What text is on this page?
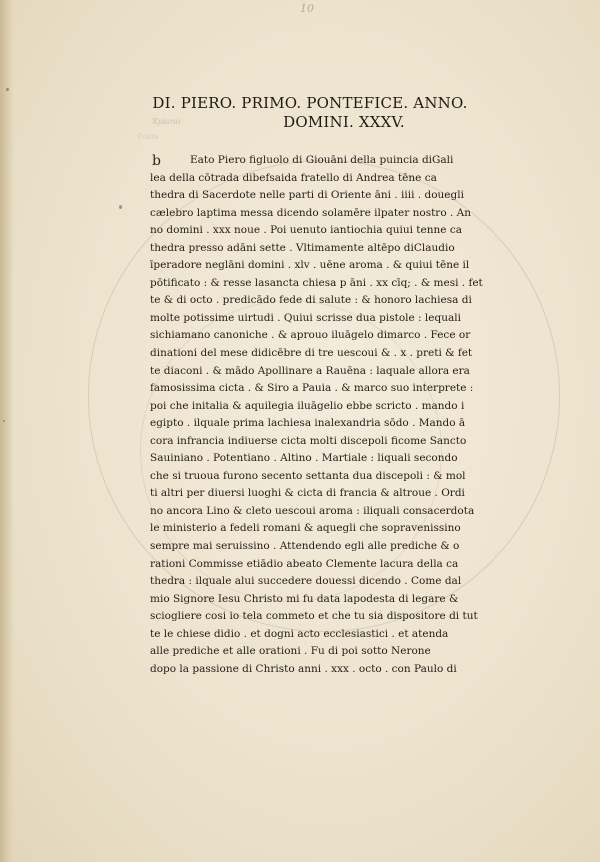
10
DI. PIERO. PRIMO. PONTEFICE. ANNO.
DOMINI. XXXV.
Xpiano
Trilite
b	Eato Piero figluolo di Giouāni della puincia diGali
lea della cōtrada dibefsaida fratello di Andrea tēne ca
thedra di Sacerdote nelle parti di Oriente āni . iiii . douegli
cælebro laptima messa dicendo solamēre ilpater nostro . An
no domini . xxx noue . Poi uenuto iantiochia quiui tenne ca
thedra presso adāni sette . Vltimamente altēpo diClaudio
īperadore neglāni domini . xlv . uēne aroma . & quiui tēne il
pōtificato : & resse lasancta chiesa p āni . xx cīq; . & mesi . fet
te & di octo . predicādo fede di salute : & honoro lachiesa di
molte potissime uirtudi . Quiui scrisse dua pistole : lequali
sichiamano canoniche . & aprouo iluāgelo dimarco . Fece or
dinationi del mese didicēbre di tre uescoui & . x . preti & fet
te diaconi . & mādo Apollinare a Rauēna : laquale allora era
famosissima cicta . & Siro a Pauia . & marco suo interprete :
poi che initalia & aquilegia iluāgelio ebbe scricto . mando i
egipto . ilquale prima lachiesa inalexandria sōdo . Mando ā
cora infrancia indiuerse cicta molti discepoli ficome Sancto
Sauiniano . Potentiano . Altino . Martiale : liquali secondo
che si truoua furono secento settanta dua discepoli : & mol
ti altri per diuersi luoghi & cicta di francia & altroue . Ordi
no ancora Lino & cleto uescoui aroma : iliquali consacerdota
le ministerio a fedeli romani & aquegli che sopravenissino
sempre mai seruissino . Attendendo egli alle prediche & o
rationi Commisse etiādio abeato Clemente lacura della ca
thedra : ilquale alui succedere douessi dicendo . Come dal
mio Signore Iesu Christo mi fu data lapodesta di legare &
sciogliere cosi io tela commeto et che tu sia dispositore di tut
te le chiese didio . et dogni acto ecclesiastici . et atenda
alle prediche et alle orationi . Fu di poi sotto Nerone
dopo la passione di Christo anni . xxx . octo . con Paulo di
